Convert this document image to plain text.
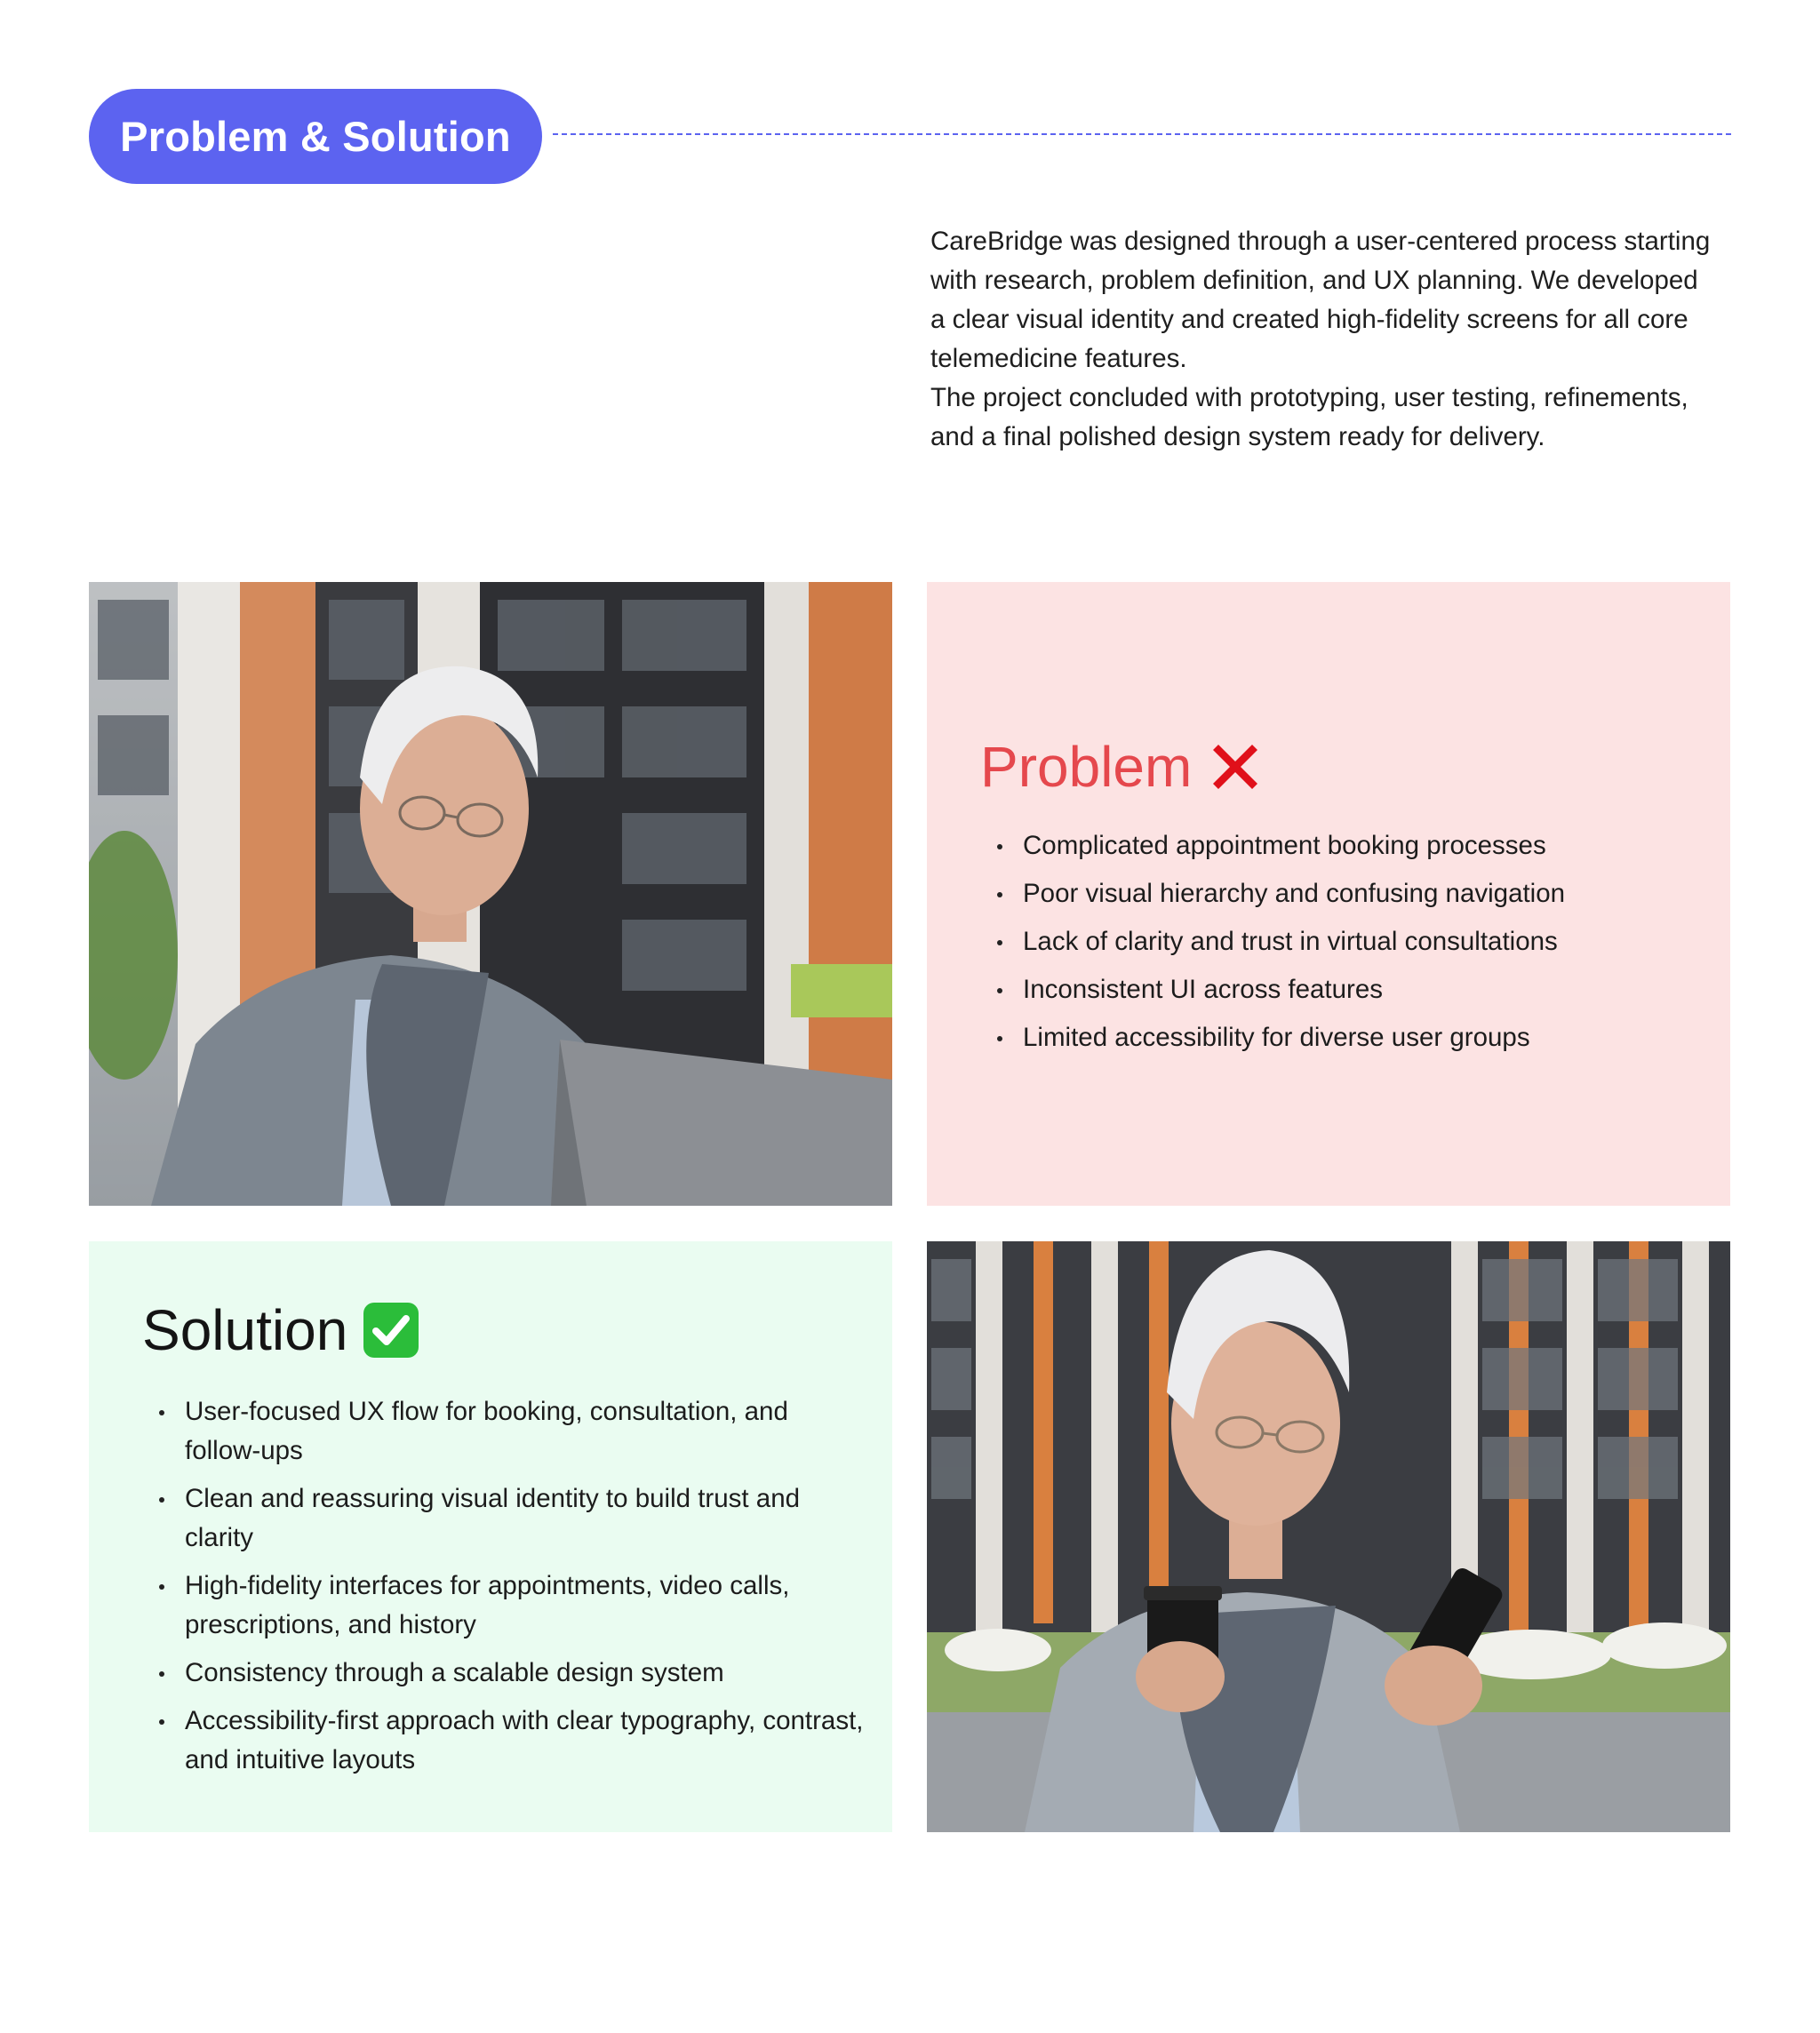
Problem & Solution

CareBridge was designed through a user-centered process starting with research, problem definition, and UX planning. We developed a clear visual identity and created high-fidelity screens for all core telemedicine features.

The project concluded with prototyping, user testing, refinements, and a final polished design system ready for delivery.

Problem
Complicated appointment booking processes
Poor visual hierarchy and confusing navigation
Lack of clarity and trust in virtual consultations
Inconsistent UI across features
Limited accessibility for diverse user groups
Solution
User-focused UX flow for booking, consultation, and follow-ups
Clean and reassuring visual identity to build trust and clarity
High-fidelity interfaces for appointments, video calls, prescriptions, and history
Consistency through a scalable design system
Accessibility-first approach with clear typography, contrast, and intuitive layouts
